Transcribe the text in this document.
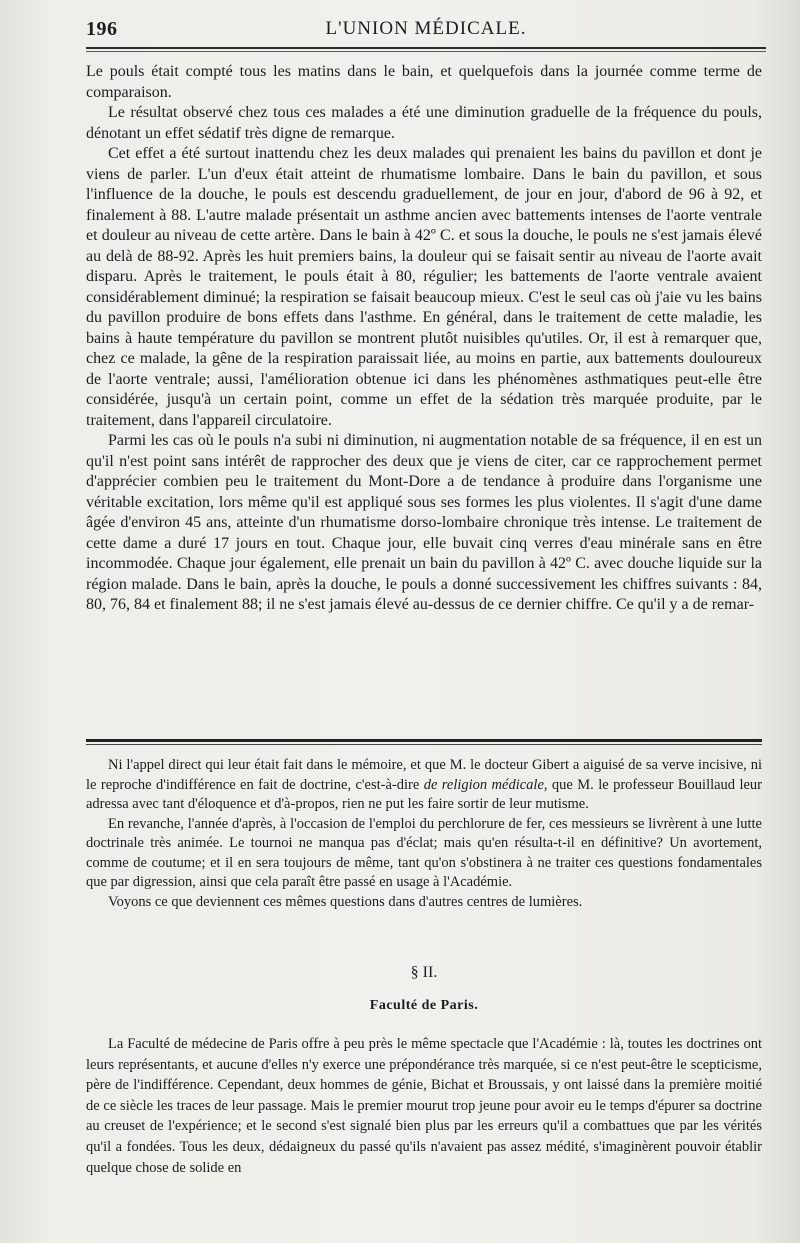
196	L'UNION MÉDICALE.

Le pouls était compté tous les matins dans le bain, et quelquefois dans la journée comme terme de comparaison.

Le résultat observé chez tous ces malades a été une diminution graduelle de la fréquence du pouls, dénotant un effet sédatif très digne de remarque.

Cet effet a été surtout inattendu chez les deux malades qui prenaient les bains du pavillon et dont je viens de parler. L'un d'eux était atteint de rhumatisme lombaire. Dans le bain du pavillon, et sous l'influence de la douche, le pouls est descendu graduellement, de jour en jour, d'abord de 96 à 92, et finalement à 88. L'autre malade présentait un asthme ancien avec battements intenses de l'aorte ventrale et douleur au niveau de cette artère. Dans le bain à 42º C. et sous la douche, le pouls ne s'est jamais élevé au delà de 88-92. Après les huit premiers bains, la douleur qui se faisait sentir au niveau de l'aorte avait disparu. Après le traitement, le pouls était à 80, régulier; les battements de l'aorte ventrale avaient considérablement diminué; la respiration se faisait beaucoup mieux. C'est le seul cas où j'aie vu les bains du pavillon produire de bons effets dans l'asthme. En général, dans le traitement de cette maladie, les bains à haute température du pavillon se montrent plutôt nuisibles qu'utiles. Or, il est à remarquer que, chez ce malade, la gêne de la respiration paraissait liée, au moins en partie, aux battements douloureux de l'aorte ventrale; aussi, l'amélioration obtenue ici dans les phénomènes asthmatiques peut-elle être considérée, jusqu'à un certain point, comme un effet de la sédation très marquée produite, par le traitement, dans l'appareil circulatoire.

Parmi les cas où le pouls n'a subi ni diminution, ni augmentation notable de sa fréquence, il en est un qu'il n'est point sans intérêt de rapprocher des deux que je viens de citer, car ce rapprochement permet d'apprécier combien peu le traitement du Mont-Dore a de tendance à produire dans l'organisme une véritable excitation, lors même qu'il est appliqué sous ses formes les plus violentes. Il s'agit d'une dame âgée d'environ 45 ans, atteinte d'un rhumatisme dorso-lombaire chronique très intense. Le traitement de cette dame a duré 17 jours en tout. Chaque jour, elle buvait cinq verres d'eau minérale sans en être incommodée. Chaque jour également, elle prenait un bain du pavillon à 42º C. avec douche liquide sur la région malade. Dans le bain, après la douche, le pouls a donné successivement les chiffres suivants : 84, 80, 76, 84 et finalement 88; il ne s'est jamais élevé au-dessus de ce dernier chiffre. Ce qu'il y a de remar-

Ni l'appel direct qui leur était fait dans le mémoire, et que M. le docteur Gibert a aiguisé de sa verve incisive, ni le reproche d'indifférence en fait de doctrine, c'est-à-dire de religion médicale, que M. le professeur Bouillaud leur adressa avec tant d'éloquence et d'à-propos, rien ne put les faire sortir de leur mutisme.

En revanche, l'année d'après, à l'occasion de l'emploi du perchlorure de fer, ces messieurs se livrèrent à une lutte doctrinale très animée. Le tournoi ne manqua pas d'éclat; mais qu'en résulta-t-il en définitive? Un avortement, comme de coutume; et il en sera toujours de même, tant qu'on s'obstinera à ne traiter ces questions fondamentales que par digression, ainsi que cela paraît être passé en usage à l'Académie.

Voyons ce que deviennent ces mêmes questions dans d'autres centres de lumières.

§ II.
Faculté de Paris.

La Faculté de médecine de Paris offre à peu près le même spectacle que l'Académie : là, toutes les doctrines ont leurs représentants, et aucune d'elles n'y exerce une prépondérance très marquée, si ce n'est peut-être le scepticisme, père de l'indifférence. Cependant, deux hommes de génie, Bichat et Broussais, y ont laissé dans la première moitié de ce siècle les traces de leur passage. Mais le premier mourut trop jeune pour avoir eu le temps d'épurer sa doctrine au creuset de l'expérience; et le second s'est signalé bien plus par les erreurs qu'il a combattues que par les vérités qu'il a fondées. Tous les deux, dédaigneux du passé qu'ils n'avaient pas assez médité, s'imaginèrent pouvoir établir quelque chose de solide en
